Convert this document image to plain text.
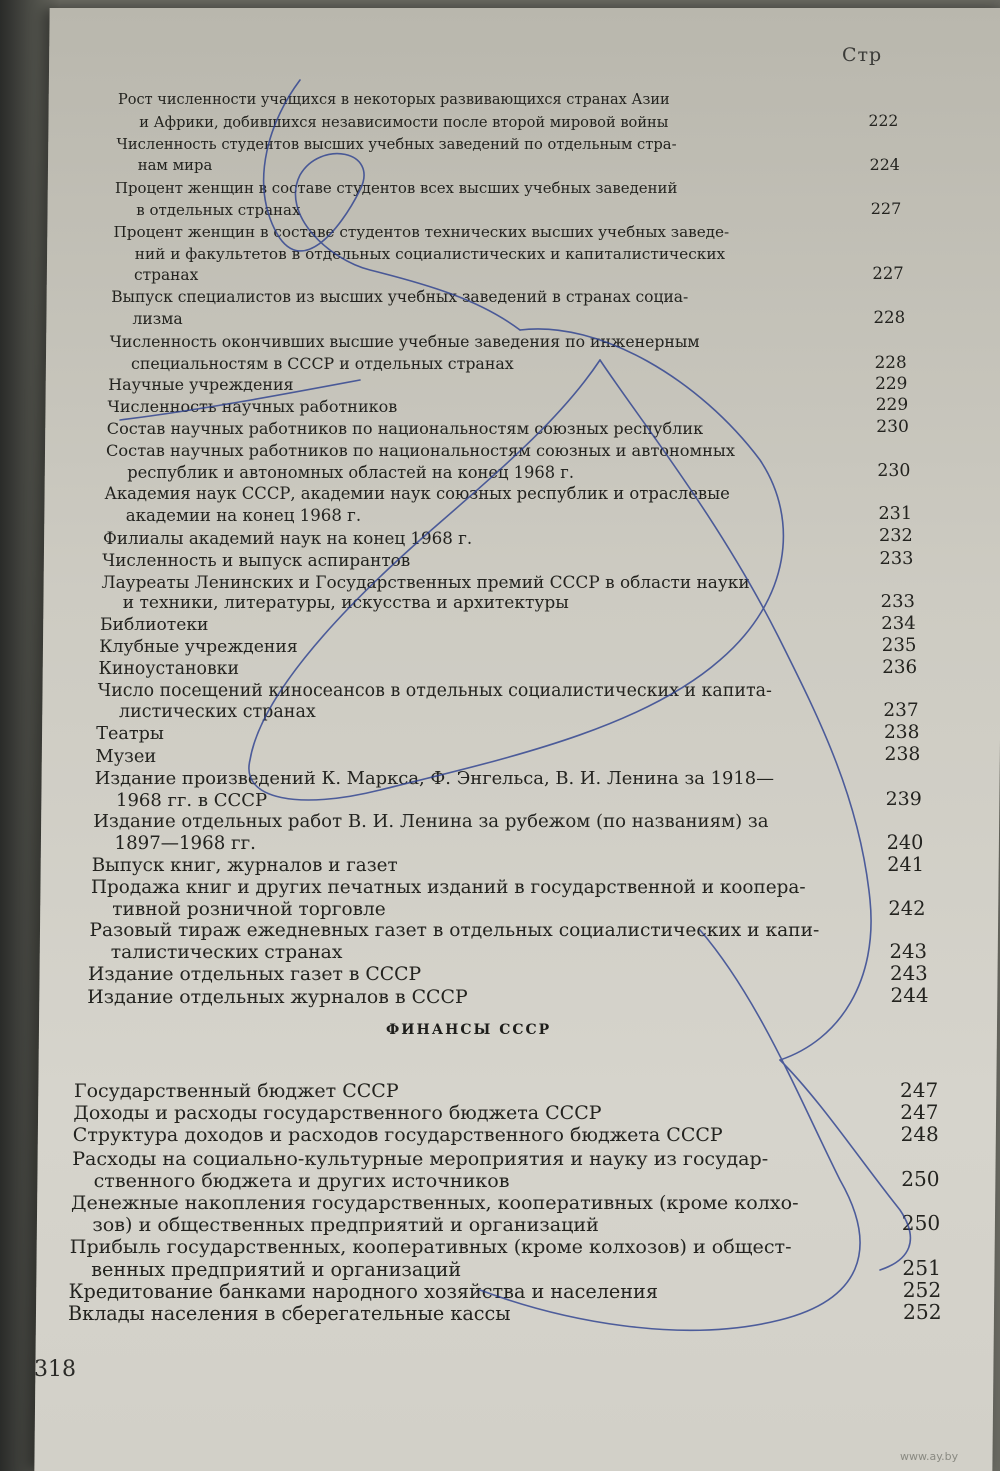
Стр
Рост численности учащихся в некоторых развивающихся странах Азии
и Африки, добившихся независимости после второй мировой войны	222
Численность студентов высших учебных заведений по отдельным стра-
нам мира	224
Процент женщин в составе студентов всех высших учебных заведений
в отдельных странах	227
Процент женщин в составе студентов технических высших учебных заведе-
ний и факультетов в отдельных социалистических и капиталистических
странах	227
Выпуск специалистов из высших учебных заведений в странах социа-
лизма	228
Численность окончивших высшие учебные заведения по инженерным
специальностям в СССР и отдельных странах	228
Научные учреждения	229
Численность научных работников	229
Состав научных работников по национальностям союзных республик	230
Состав научных работников по национальностям союзных и автономных
республик и автономных областей на конец 1968 г.	230
Академия наук СССР, академии наук союзных республик и отраслевые
академии на конец 1968 г.	231
Филиалы академий наук на конец 1968 г.	232
Численность и выпуск аспирантов	233
Лауреаты Ленинских и Государственных премий СССР в области науки
и техники, литературы, искусства и архитектуры	233
Библиотеки	234
Клубные учреждения	235
Киноустановки	236
Число посещений киносеансов в отдельных социалистических и капита-
листических странах	237
Театры	238
Музеи	238
Издание произведений К. Маркса, Ф. Энгельса, В. И. Ленина за 1918—
1968 гг. в СССР	239
Издание отдельных работ В. И. Ленина за рубежом (по названиям) за
1897—1968 гг.	240
Выпуск книг, журналов и газет	241
Продажа книг и других печатных изданий в государственной и коопера-
тивной розничной торговле	242
Разовый тираж ежедневных газет в отдельных социалистических и капи-
талистических странах	243
Издание отдельных газет в СССР	243
Издание отдельных журналов в СССР	244
Государственный бюджет СССР	247
Доходы и расходы государственного бюджета СССР	247
Структура доходов и расходов государственного бюджета СССР	248
Расходы на социально-культурные мероприятия и науку из государ-
ственного бюджета и других источников	250
Денежные накопления государственных, кооперативных (кроме колхо-
зов) и общественных предприятий и организаций	250
Прибыль государственных, кооперативных (кроме колхозов) и общест-
венных предприятий и организаций	251
Кредитование банками народного хозяйства и населения	252
Вклады населения в сберегательные кассы	252
ФИНАНСЫ СССР
318
www.ay.by
